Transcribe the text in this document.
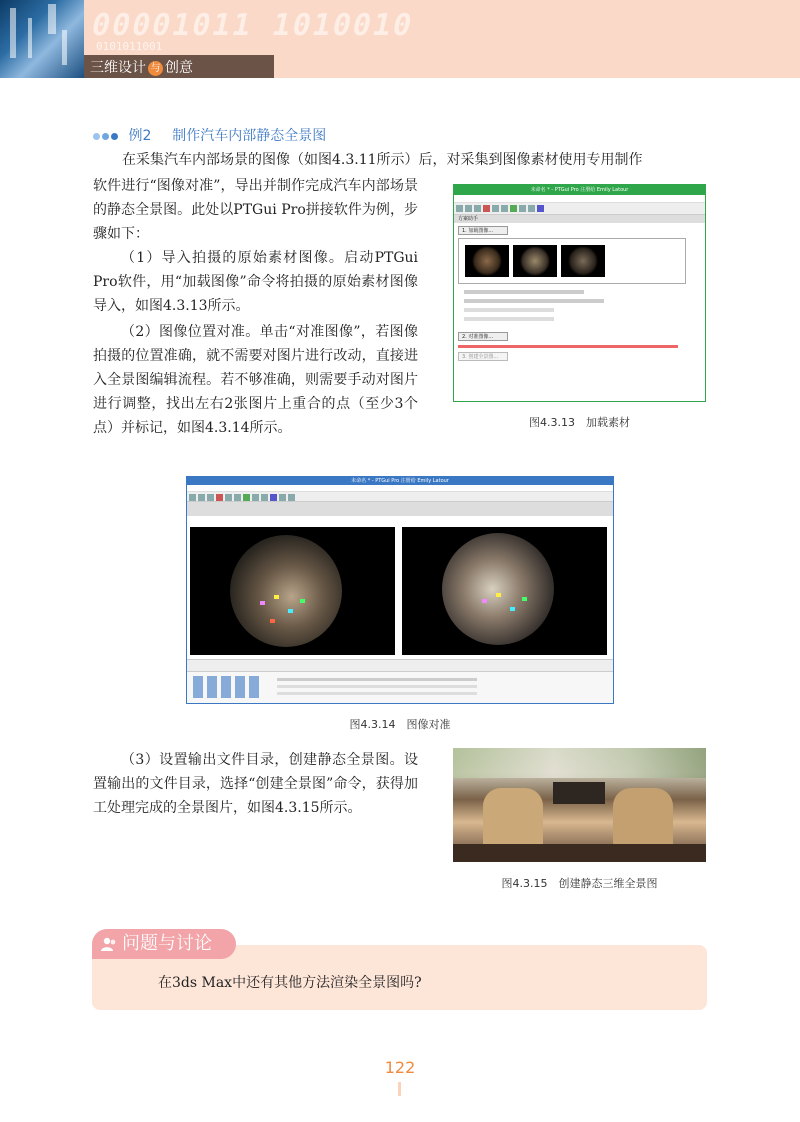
00001011 1010010
0101011001
三维设计 与 创意
例2 制作汽车内部静态全景图
在采集汽车内部场景的图像（如图4.3.11所示）后，对采集到图像素材使用专用制作
软件进行“图像对准”，导出并制作完成汽车内部场景的静态全景图。此处以PTGui Pro拼接软件为例，步骤如下：
（1）导入拍摄的原始素材图像。启动PTGui Pro软件，用“加载图像”命令将拍摄的原始素材图像导入，如图4.3.13所示。
（2）图像位置对准。单击“对准图像”，若图像拍摄的位置准确，就不需要对图片进行改动，直接进入全景图编辑流程。若不够准确，则需要手动对图片进行调整，找出左右2张图片上重合的点（至少3个点）并标记，如图4.3.14所示。
未命名 * - PTGui Pro 注册给 Emily Latour
方案助手
1. 加载图像...
2. 对准图像...
3. 创建全景图...
图4.3.13　加载素材
未命名 * - PTGui Pro 注册给 Emily Latour
图4.3.14　图像对准
（3）设置输出文件目录，创建静态全景图。设置输出的文件目录，选择“创建全景图”命令，获得加工处理完成的全景图片，如图4.3.15所示。
图4.3.15　创建静态三维全景图
问题与讨论
在3ds Max中还有其他方法渲染全景图吗?
122
